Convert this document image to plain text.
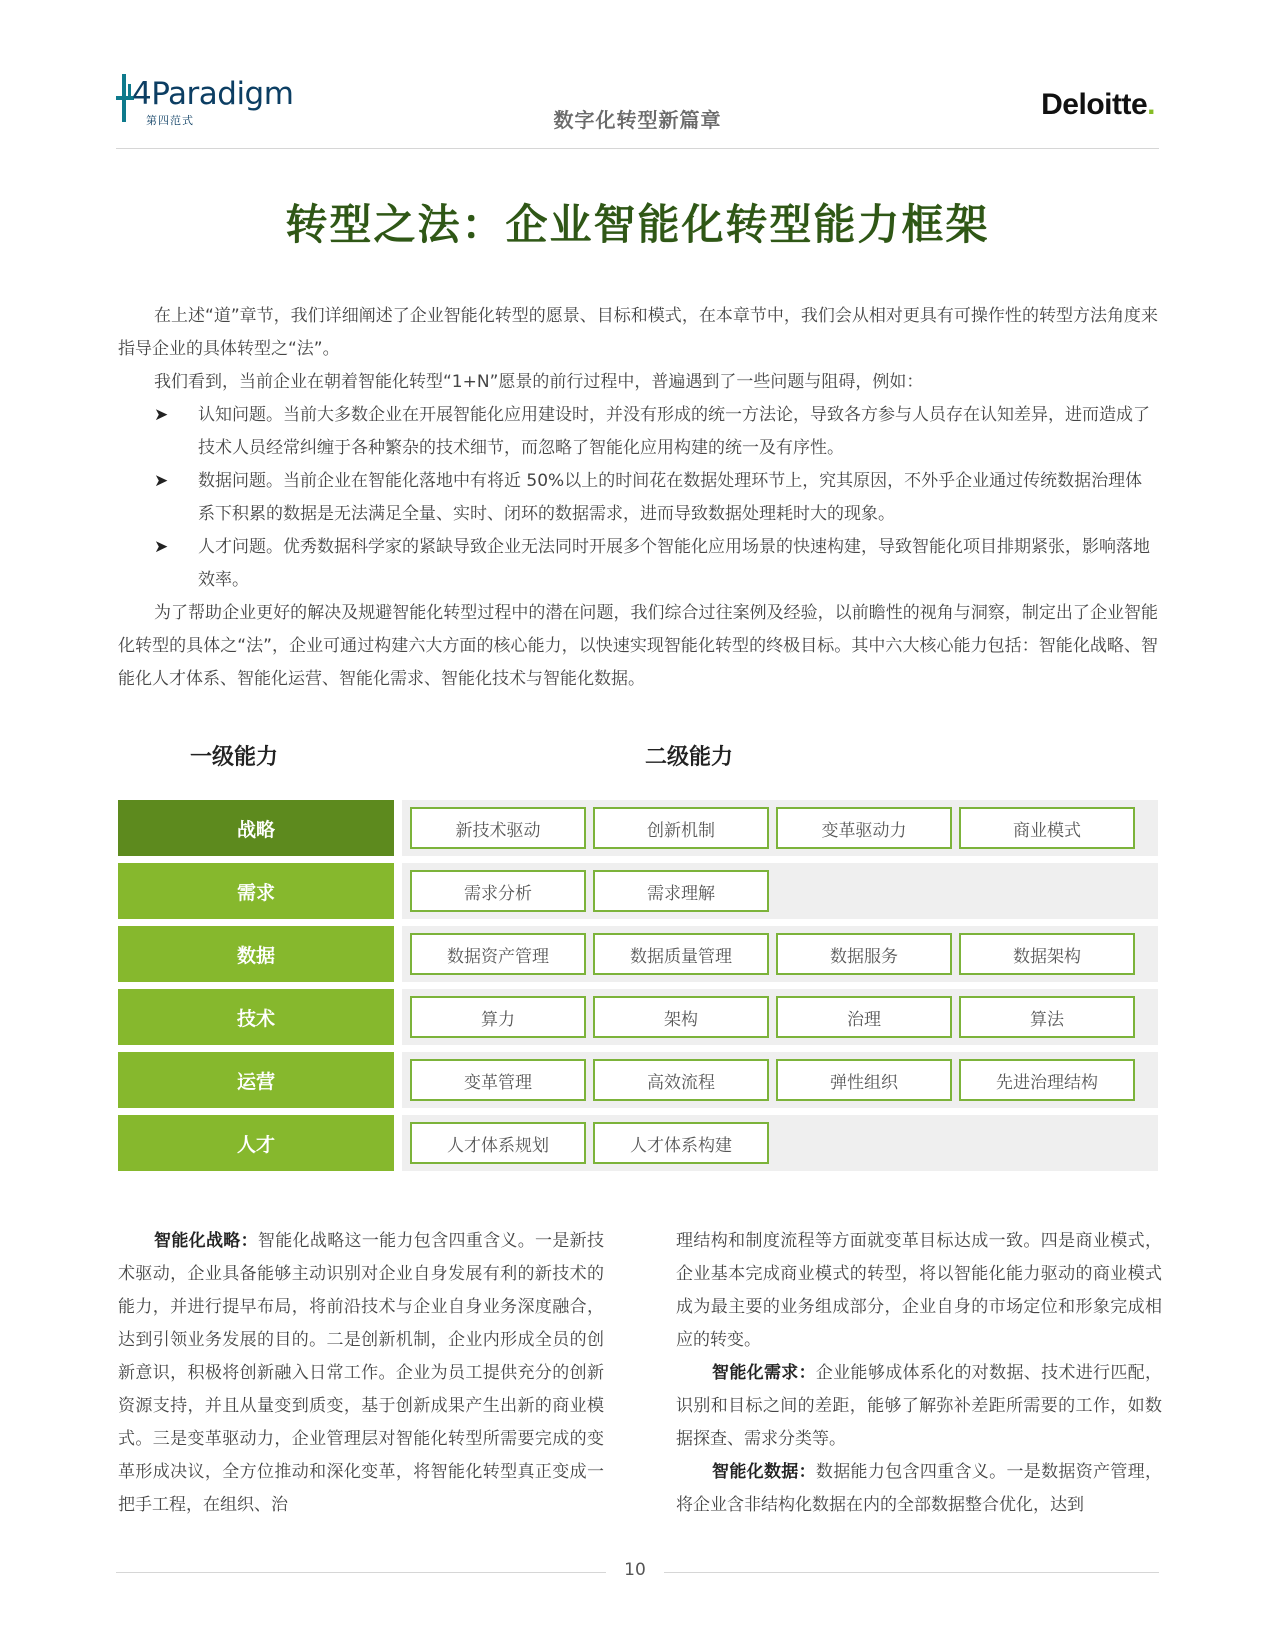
4Paradigm
第四范式	数字化转型新篇章	Deloitte.
转型之法：企业智能化转型能力框架

在上述“道”章节，我们详细阐述了企业智能化转型的愿景、目标和模式，在本章节中，我们会从相对更具有可操作性的转型方法角度来指导企业的具体转型之“法”。

我们看到，当前企业在朝着智能化转型“1+N”愿景的前行过程中，普遍遇到了一些问题与阻碍，例如：

➤ 认知问题。当前大多数企业在开展智能化应用建设时，并没有形成的统一方法论，导致各方参与人员存在认知差异，进而造成了技术人员经常纠缠于各种繁杂的技术细节，而忽略了智能化应用构建的统一及有序性。
➤ 数据问题。当前企业在智能化落地中有将近 50%以上的时间花在数据处理环节上，究其原因，不外乎企业通过传统数据治理体系下积累的数据是无法满足全量、实时、闭环的数据需求，进而导致数据处理耗时大的现象。
➤ 人才问题。优秀数据科学家的紧缺导致企业无法同时开展多个智能化应用场景的快速构建，导致智能化项目排期紧张，影响落地效率。

为了帮助企业更好的解决及规避智能化转型过程中的潜在问题，我们综合过往案例及经验，以前瞻性的视角与洞察，制定出了企业智能化转型的具体之“法”，企业可通过构建六大方面的核心能力，以快速实现智能化转型的终极目标。其中六大核心能力包括：智能化战略、智能化人才体系、智能化运营、智能化需求、智能化技术与智能化数据。

一级能力	二级能力
战略	新技术驱动	创新机制	变革驱动力	商业模式
需求	需求分析	需求理解
数据	数据资产管理	数据质量管理	数据服务	数据架构
技术	算力	架构	治理	算法
运营	变革管理	高效流程	弹性组织	先进治理结构
人才	人才体系规划	人才体系构建

智能化战略：智能化战略这一能力包含四重含义。一是新技术驱动，企业具备能够主动识别对企业自身发展有利的新技术的能力，并进行提早布局，将前沿技术与企业自身业务深度融合，达到引领业务发展的目的。二是创新机制，企业内形成全员的创新意识，积极将创新融入日常工作。企业为员工提供充分的创新资源支持，并且从量变到质变，基于创新成果产生出新的商业模式。三是变革驱动力，企业管理层对智能化转型所需要完成的变革形成决议，全方位推动和深化变革，将智能化转型真正变成一把手工程，在组织、治

理结构和制度流程等方面就变革目标达成一致。四是商业模式，企业基本完成商业模式的转型，将以智能化能力驱动的商业模式成为最主要的业务组成部分，企业自身的市场定位和形象完成相应的转变。

智能化需求：企业能够成体系化的对数据、技术进行匹配，识别和目标之间的差距，能够了解弥补差距所需要的工作，如数据探查、需求分类等。

智能化数据：数据能力包含四重含义。一是数据资产管理，将企业含非结构化数据在内的全部数据整合优化，达到

10
